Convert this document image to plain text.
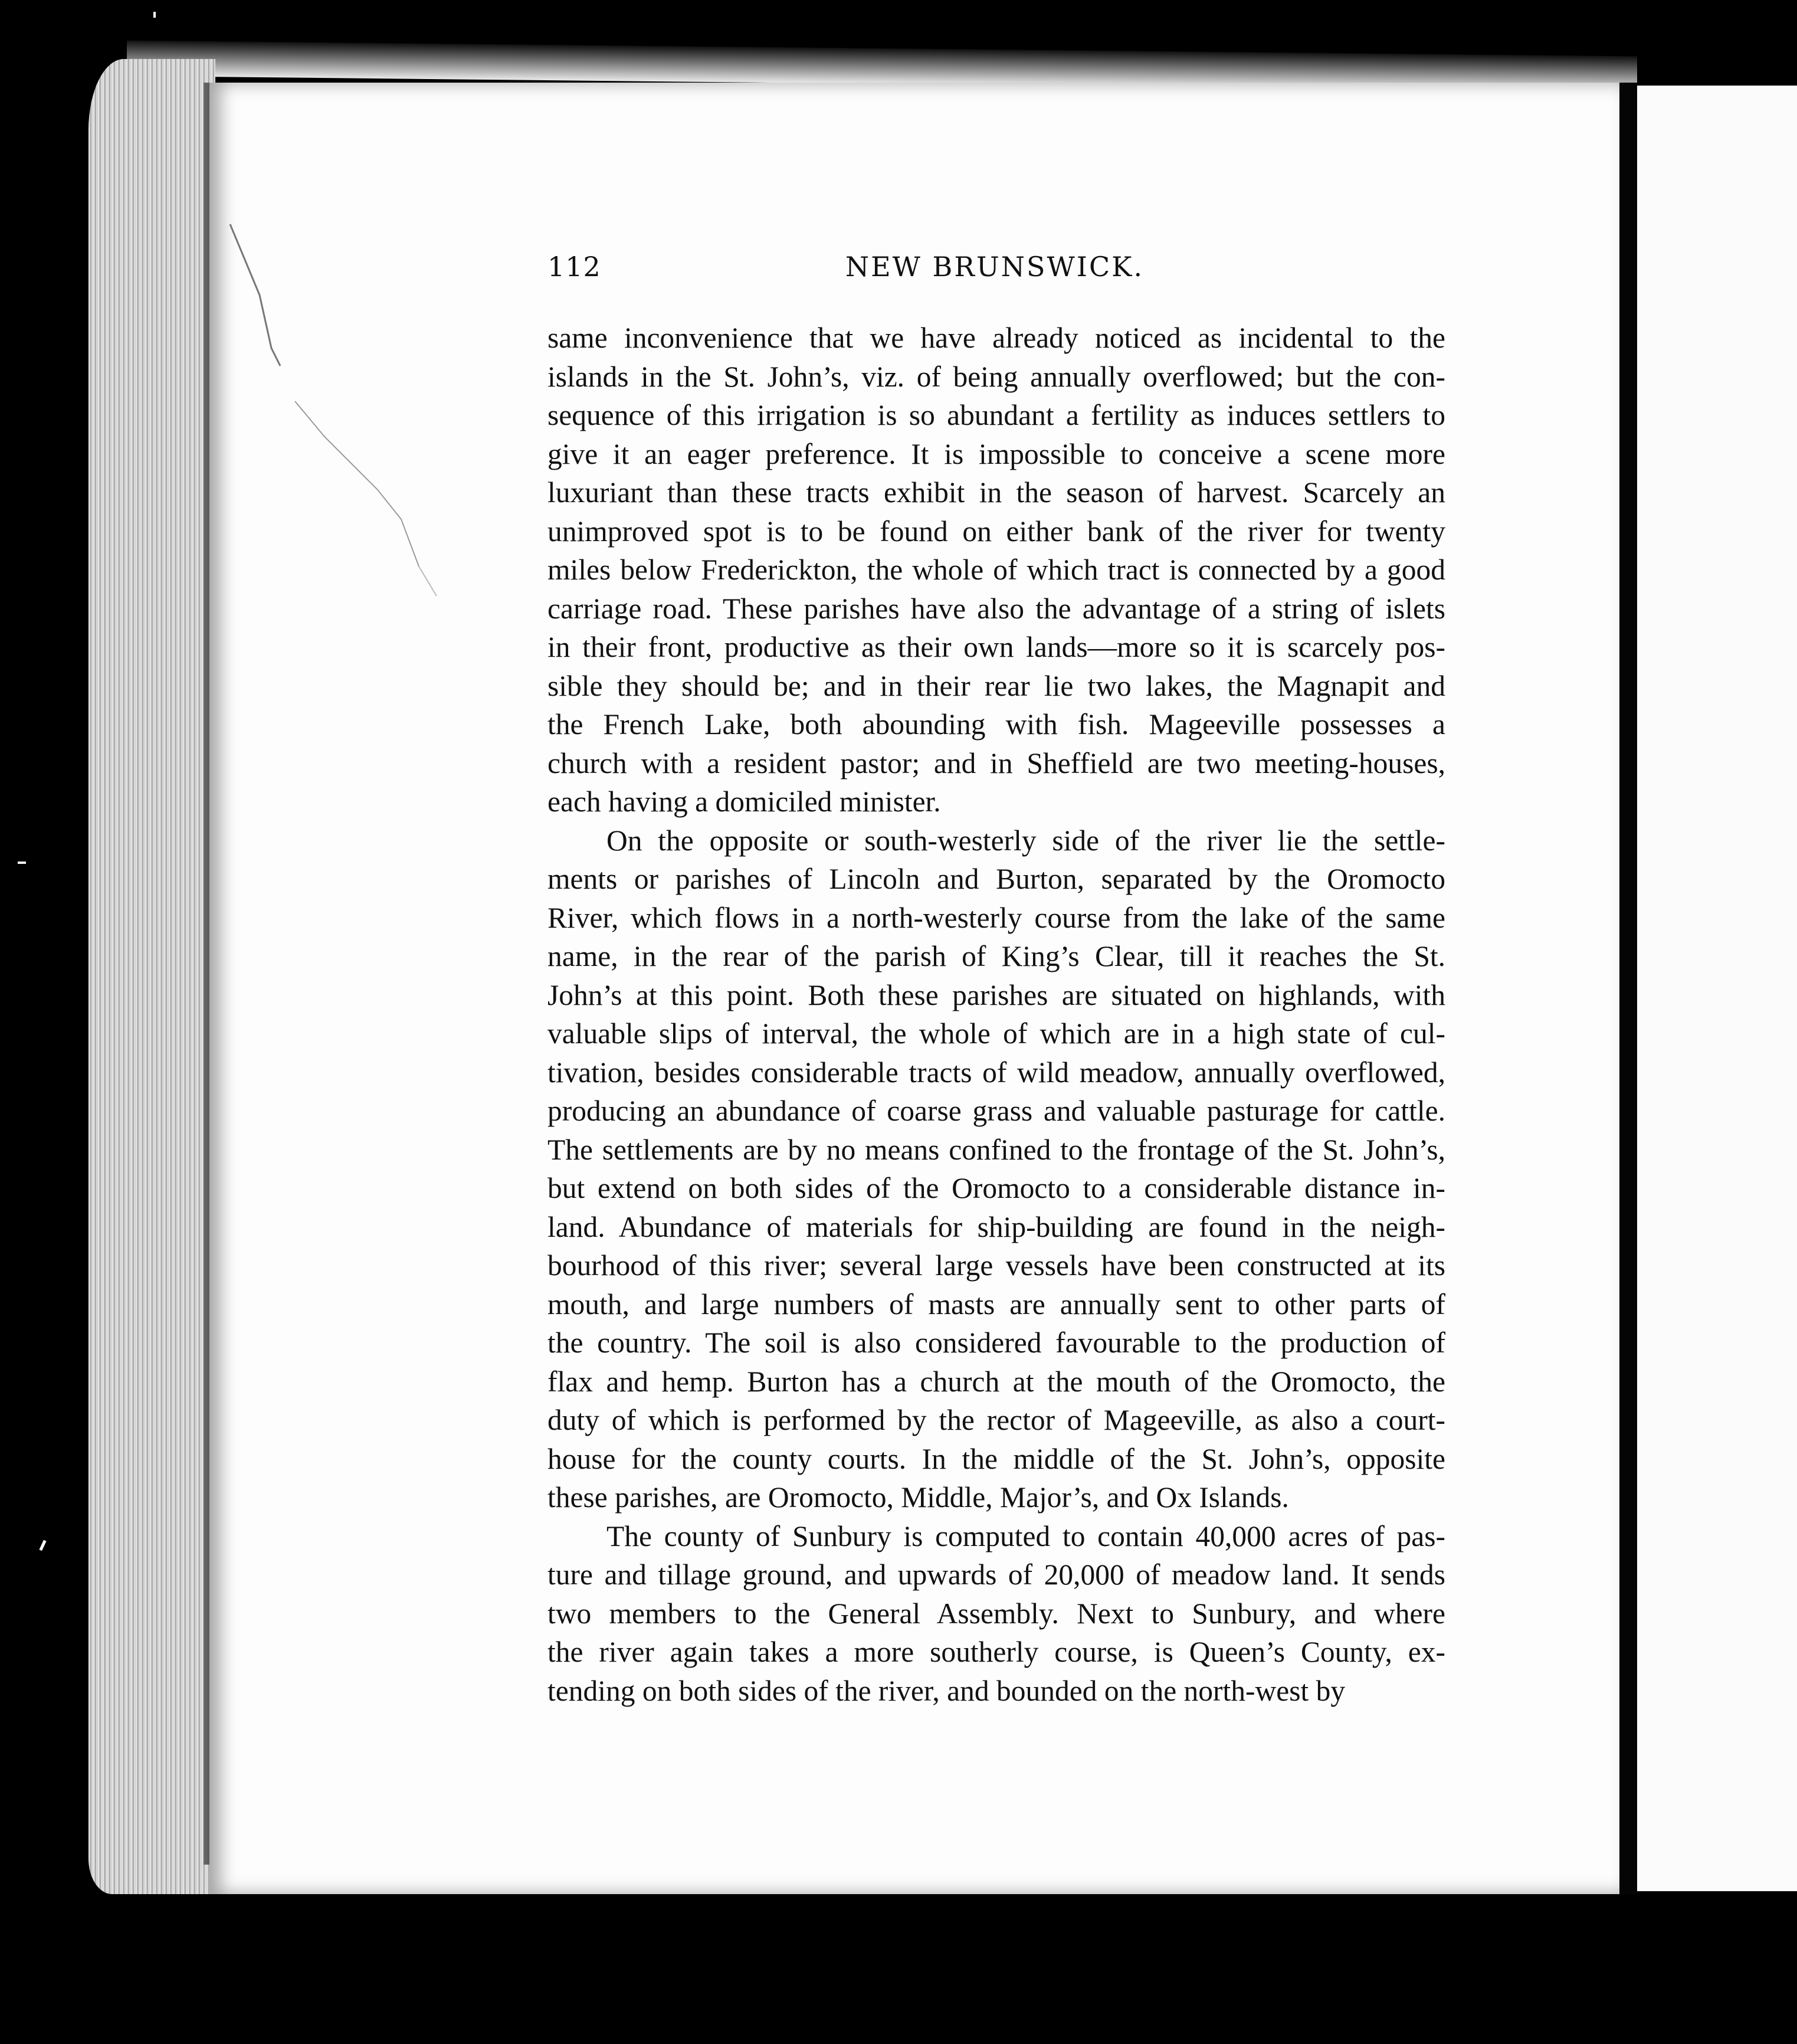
112	NEW BRUNSWICK.
same inconvenience that we have already noticed as incidental to the
islands in the St. John’s, viz. of being annually overflowed; but the con-
sequence of this irrigation is so abundant a fertility as induces settlers to
give it an eager preference. It is impossible to conceive a scene more
luxuriant than these tracts exhibit in the season of harvest. Scarcely an
unimproved spot is to be found on either bank of the river for twenty
miles below Frederickton, the whole of which tract is connected by a good
carriage road. These parishes have also the advantage of a string of islets
in their front, productive as their own lands—more so it is scarcely pos-
sible they should be; and in their rear lie two lakes, the Magnapit and
the French Lake, both abounding with fish. Mageeville possesses a
church with a resident pastor; and in Sheffield are two meeting-houses,
each having a domiciled minister.
On the opposite or south-westerly side of the river lie the settle-
ments or parishes of Lincoln and Burton, separated by the Oromocto
River, which flows in a north-westerly course from the lake of the same
name, in the rear of the parish of King’s Clear, till it reaches the St.
John’s at this point. Both these parishes are situated on highlands, with
valuable slips of interval, the whole of which are in a high state of cul-
tivation, besides considerable tracts of wild meadow, annually overflowed,
producing an abundance of coarse grass and valuable pasturage for cattle.
The settlements are by no means confined to the frontage of the St. John’s,
but extend on both sides of the Oromocto to a considerable distance in-
land. Abundance of materials for ship-building are found in the neigh-
bourhood of this river; several large vessels have been constructed at its
mouth, and large numbers of masts are annually sent to other parts of
the country. The soil is also considered favourable to the production of
flax and hemp. Burton has a church at the mouth of the Oromocto, the
duty of which is performed by the rector of Mageeville, as also a court-
house for the county courts. In the middle of the St. John’s, opposite
these parishes, are Oromocto, Middle, Major’s, and Ox Islands.
The county of Sunbury is computed to contain 40,000 acres of pas-
ture and tillage ground, and upwards of 20,000 of meadow land. It sends
two members to the General Assembly. Next to Sunbury, and where
the river again takes a more southerly course, is Queen’s County, ex-
tending on both sides of the river, and bounded on the north-west by
